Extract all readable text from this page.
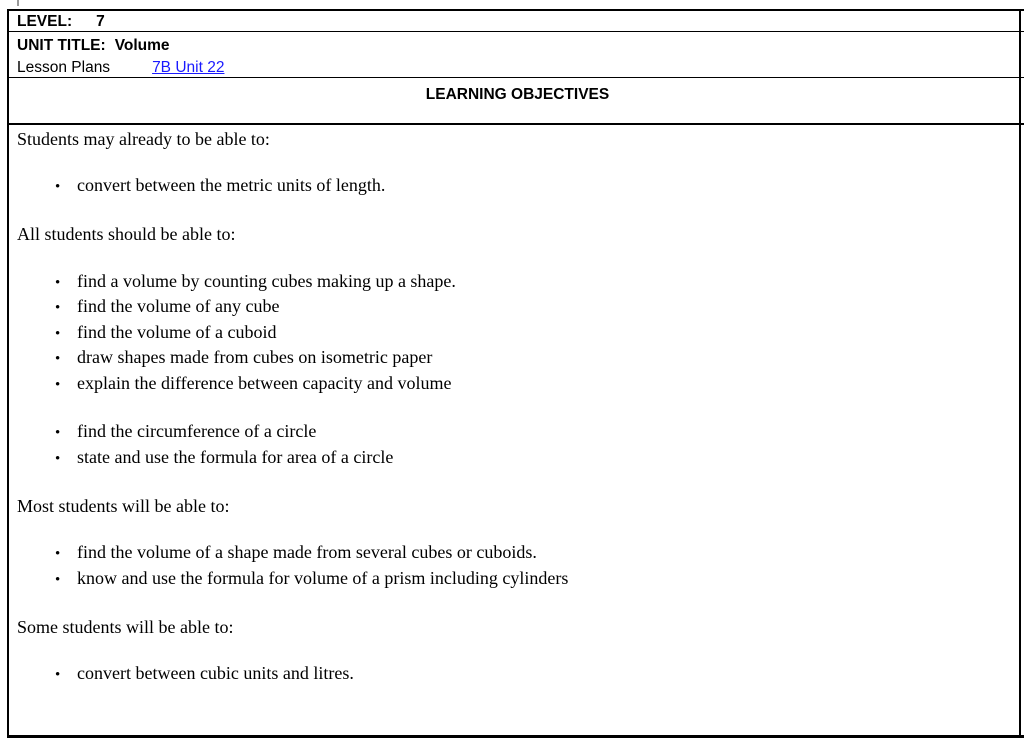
LEVEL: 7
UNIT TITLE: Volume
Lesson Plans	7B Unit 22
LEARNING OBJECTIVES
Students may already to be able to:

• convert between the metric units of length.

All students should be able to:

• find a volume by counting cubes making up a shape.
• find the volume of any cube
• find the volume of a cuboid
• draw shapes made from cubes on isometric paper
• explain the difference between capacity and volume

• find the circumference of a circle
• state and use the formula for area of a circle

Most students will be able to:

• find the volume of a shape made from several cubes or cuboids.
• know and use the formula for volume of a prism including cylinders

Some students will be able to:

• convert between cubic units and litres.
